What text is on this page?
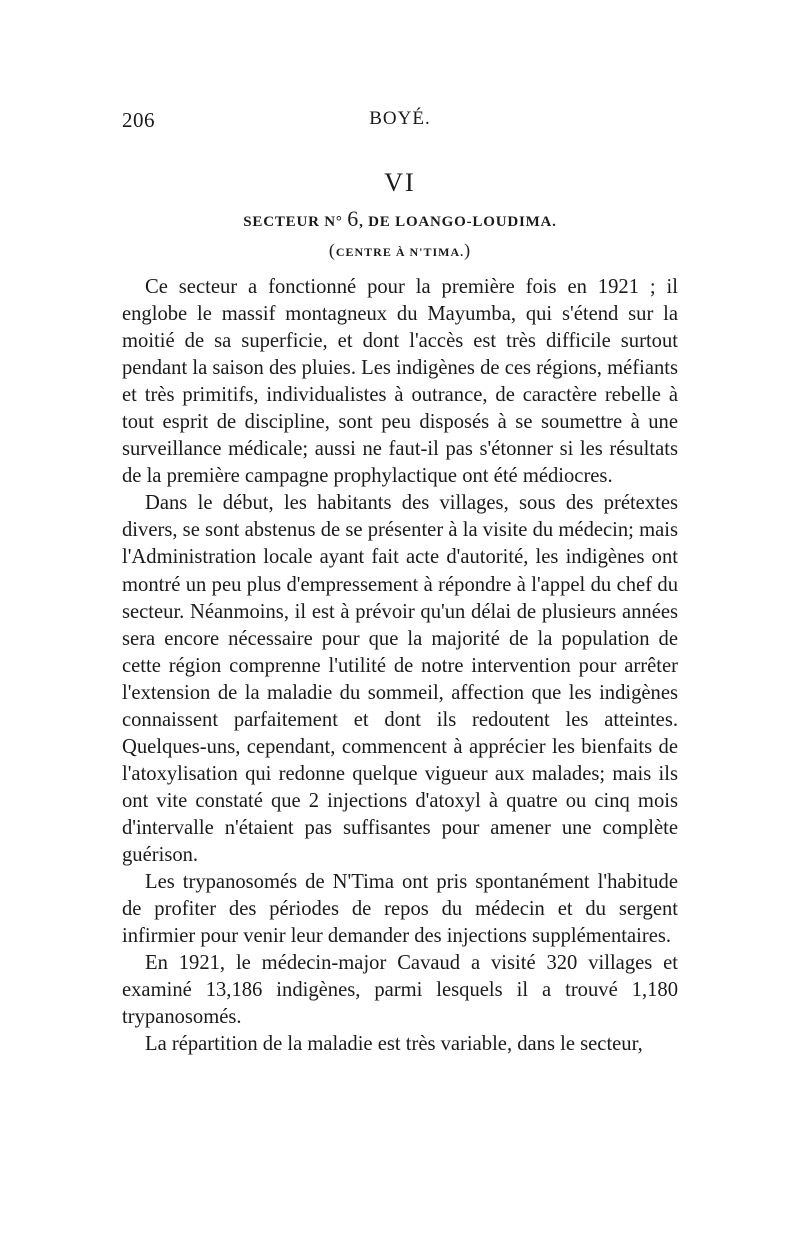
206	BOYÉ.
VI
SECTEUR N° 6, DE LOANGO-LOUDIMA.
(CENTRE À N'TIMA.)

Ce secteur a fonctionné pour la première fois en 1921 ; il englobe le massif montagneux du Mayumba, qui s'étend sur la moitié de sa superficie, et dont l'accès est très difficile surtout pendant la saison des pluies. Les indigènes de ces régions, méfiants et très primitifs, individualistes à outrance, de caractère rebelle à tout esprit de discipline, sont peu disposés à se soumettre à une surveillance médicale; aussi ne faut-il pas s'étonner si les résultats de la première campagne prophylactique ont été médiocres.

Dans le début, les habitants des villages, sous des prétextes divers, se sont abstenus de se présenter à la visite du médecin; mais l'Administration locale ayant fait acte d'autorité, les indigènes ont montré un peu plus d'empressement à répondre à l'appel du chef du secteur. Néanmoins, il est à prévoir qu'un délai de plusieurs années sera encore nécessaire pour que la majorité de la population de cette région comprenne l'utilité de notre intervention pour arrêter l'extension de la maladie du sommeil, affection que les indigènes connaissent parfaitement et dont ils redoutent les atteintes. Quelques-uns, cependant, commencent à apprécier les bienfaits de l'atoxylisation qui redonne quelque vigueur aux malades; mais ils ont vite constaté que 2 injections d'atoxyl à quatre ou cinq mois d'intervalle n'étaient pas suffisantes pour amener une complète guérison.

Les trypanosomés de N'Tima ont pris spontanément l'habitude de profiter des périodes de repos du médecin et du sergent infirmier pour venir leur demander des injections supplémentaires.

En 1921, le médecin-major Cavaud a visité 320 villages et examiné 13,186 indigènes, parmi lesquels il a trouvé 1,180 trypanosomés.

La répartition de la maladie est très variable, dans le secteur,
